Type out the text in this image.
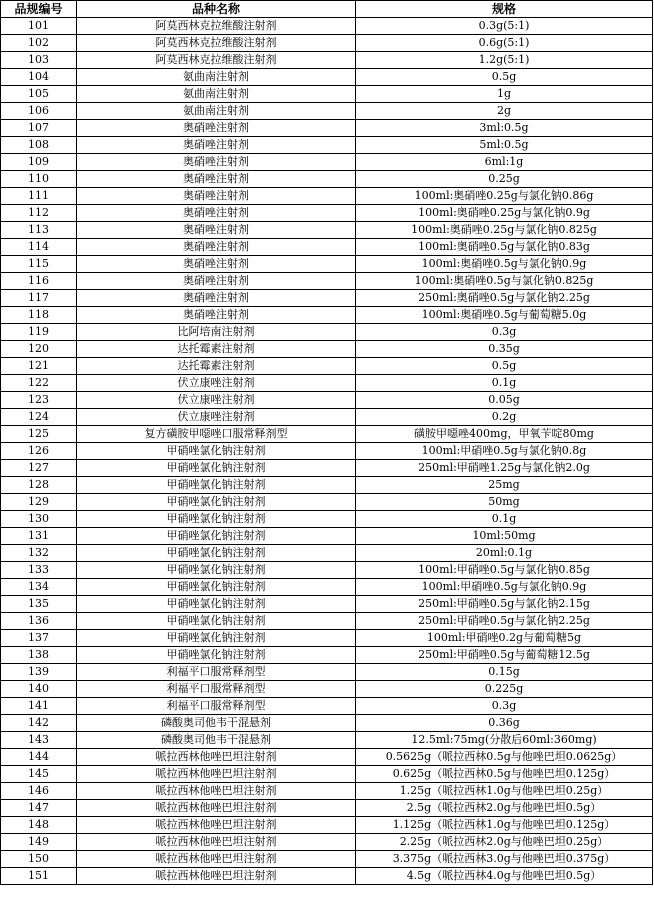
品规编号	品种名称	规格
101	阿莫西林克拉维酸注射剂	0.3g(5:1)
102	阿莫西林克拉维酸注射剂	0.6g(5:1)
103	阿莫西林克拉维酸注射剂	1.2g(5:1)
104	氨曲南注射剂	0.5g
105	氨曲南注射剂	1g
106	氨曲南注射剂	2g
107	奥硝唑注射剂	3ml:0.5g
108	奥硝唑注射剂	5ml:0.5g
109	奥硝唑注射剂	6ml:1g
110	奥硝唑注射剂	0.25g
111	奥硝唑注射剂	100ml:奥硝唑0.25g与氯化钠0.86g
112	奥硝唑注射剂	100ml:奥硝唑0.25g与氯化钠0.9g
113	奥硝唑注射剂	100ml:奥硝唑0.25g与氯化钠0.825g
114	奥硝唑注射剂	100ml:奥硝唑0.5g与氯化钠0.83g
115	奥硝唑注射剂	100ml:奥硝唑0.5g与氯化钠0.9g
116	奥硝唑注射剂	100ml:奥硝唑0.5g与氯化钠0.825g
117	奥硝唑注射剂	250ml:奥硝唑0.5g与氯化钠2.25g
118	奥硝唑注射剂	100ml:奥硝唑0.5g与葡萄糖5.0g
119	比阿培南注射剂	0.3g
120	达托霉素注射剂	0.35g
121	达托霉素注射剂	0.5g
122	伏立康唑注射剂	0.1g
123	伏立康唑注射剂	0.05g
124	伏立康唑注射剂	0.2g
125	复方磺胺甲噁唑口服常释剂型	磺胺甲噁唑400mg，甲氧苄啶80mg
126	甲硝唑氯化钠注射剂	100ml:甲硝唑0.5g与氯化钠0.8g
127	甲硝唑氯化钠注射剂	250ml:甲硝唑1.25g与氯化钠2.0g
128	甲硝唑氯化钠注射剂	25mg
129	甲硝唑氯化钠注射剂	50mg
130	甲硝唑氯化钠注射剂	0.1g
131	甲硝唑氯化钠注射剂	10ml:50mg
132	甲硝唑氯化钠注射剂	20ml:0.1g
133	甲硝唑氯化钠注射剂	100ml:甲硝唑0.5g与氯化钠0.85g
134	甲硝唑氯化钠注射剂	100ml:甲硝唑0.5g与氯化钠0.9g
135	甲硝唑氯化钠注射剂	250ml:甲硝唑0.5g与氯化钠2.15g
136	甲硝唑氯化钠注射剂	250ml:甲硝唑0.5g与氯化钠2.25g
137	甲硝唑氯化钠注射剂	100ml:甲硝唑0.2g与葡萄糖5g
138	甲硝唑氯化钠注射剂	250ml:甲硝唑0.5g与葡萄糖12.5g
139	利福平口服常释剂型	0.15g
140	利福平口服常释剂型	0.225g
141	利福平口服常释剂型	0.3g
142	磷酸奥司他韦干混悬剂	0.36g
143	磷酸奥司他韦干混悬剂	12.5ml:75mg(分散后60ml:360mg)
144	哌拉西林他唑巴坦注射剂	0.5625g（哌拉西林0.5g与他唑巴坦0.0625g）
145	哌拉西林他唑巴坦注射剂	0.625g（哌拉西林0.5g与他唑巴坦0.125g）
146	哌拉西林他唑巴坦注射剂	1.25g（哌拉西林1.0g与他唑巴坦0.25g）
147	哌拉西林他唑巴坦注射剂	2.5g（哌拉西林2.0g与他唑巴坦0.5g）
148	哌拉西林他唑巴坦注射剂	1.125g（哌拉西林1.0g与他唑巴坦0.125g）
149	哌拉西林他唑巴坦注射剂	2.25g（哌拉西林2.0g与他唑巴坦0.25g）
150	哌拉西林他唑巴坦注射剂	3.375g（哌拉西林3.0g与他唑巴坦0.375g）
151	哌拉西林他唑巴坦注射剂	4.5g（哌拉西林4.0g与他唑巴坦0.5g）
